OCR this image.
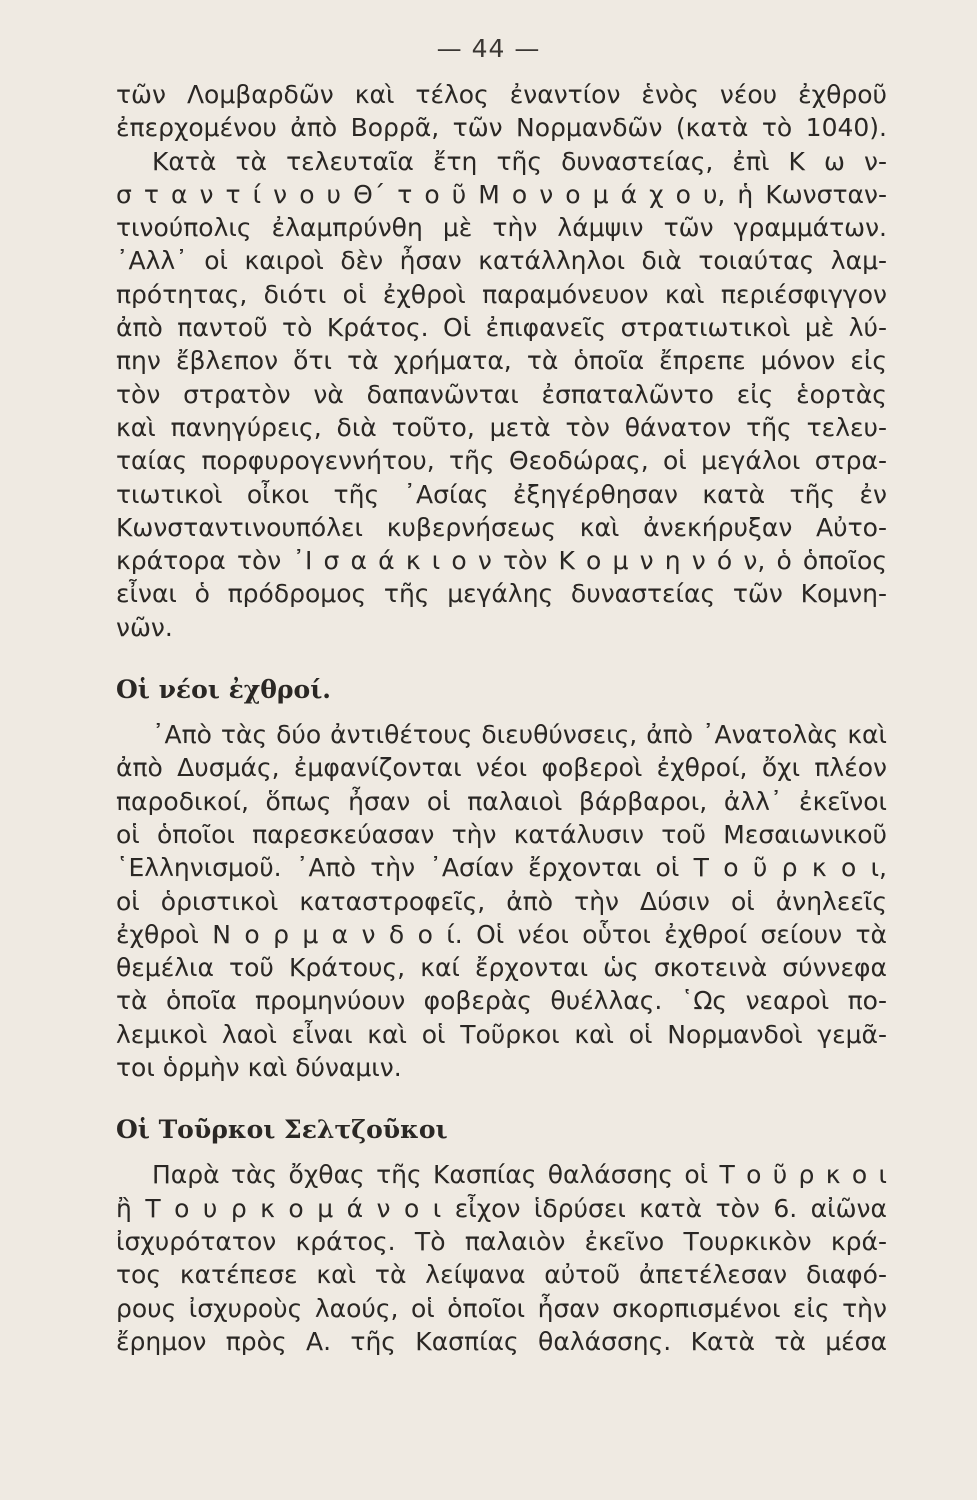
— 44 —
τῶν Λομβαρδῶν καὶ τέλος ἐναντίον ἑνὸς νέου ἐχθροῦ
ἐπερχομένου ἀπὸ Βορρᾶ, τῶν Νορμανδῶν (κατὰ τὸ 1040).
Κατὰ τὰ τελευταῖα ἔτη τῆς δυναστείας, ἐπὶ Κ ω ν-
σ τ α ν τ ί ν ο υ Θ΄ τ ο ῦ Μ ο ν ο μ ά χ ο υ, ἡ Κωνσταν-
τινούπολις ἐλαμπρύνθη μὲ τὴν λάμψιν τῶν γραμμάτων.
᾿Αλλ᾿ οἱ καιροὶ δὲν ἦσαν κατάλληλοι διὰ τοιαύτας λαμ-
πρότητας, διότι οἱ ἐχθροὶ παραμόνευον καὶ περιέσφιγγον
ἀπὸ παντοῦ τὸ Κράτος. Οἱ ἐπιφανεῖς στρατιωτικοὶ μὲ λύ-
πην ἔβλεπον ὅτι τὰ χρήματα, τὰ ὁποῖα ἔπρεπε μόνον εἰς
τὸν στρατὸν νὰ δαπανῶνται ἐσπαταλῶντο εἰς ἑορτὰς
καὶ πανηγύρεις, διὰ τοῦτο, μετὰ τὸν θάνατον τῆς τελευ-
ταίας πορφυρογεννήτου, τῆς Θεοδώρας, οἱ μεγάλοι στρα-
τιωτικοὶ οἶκοι τῆς ᾿Ασίας ἐξηγέρθησαν κατὰ τῆς ἐν
Κωνσταντινουπόλει κυβερνήσεως καὶ ἀνεκήρυξαν Αὐτο-
κράτορα τὸν ᾿Ι σ α ά κ ι ο ν τὸν Κ ο μ ν η ν ό ν, ὁ ὁποῖος
εἶναι ὁ πρόδρομος τῆς μεγάλης δυναστείας τῶν Κομνη-
νῶν.
Οἱ νέοι ἐχθροί.
᾿Απὸ τὰς δύο ἀντιθέτους διευθύνσεις, ἀπὸ ᾿Ανατολὰς καὶ
ἀπὸ Δυσμάς, ἐμφανίζονται νέοι φοβεροὶ ἐχθροί, ὄχι πλέον
παροδικοί, ὅπως ἦσαν οἱ παλαιοὶ βάρβαροι, ἀλλ᾿ ἐκεῖνοι
οἱ ὁποῖοι παρεσκεύασαν τὴν κατάλυσιν τοῦ Μεσαιωνικοῦ
῾Ελληνισμοῦ. ᾿Απὸ τὴν ᾿Ασίαν ἔρχονται οἱ Τ ο ῦ ρ κ ο ι,
οἱ ὁριστικοὶ καταστροφεῖς, ἀπὸ τὴν Δύσιν οἱ ἀνηλεεῖς
ἐχθροὶ Ν ο ρ μ α ν δ ο ί. Οἱ νέοι οὗτοι ἐχθροί σείουν τὰ
θεμέλια τοῦ Κράτους, καί ἔρχονται ὡς σκοτεινὰ σύννεφα
τὰ ὁποῖα προμηνύουν φοβερὰς θυέλλας. ῾Ως νεαροὶ πο-
λεμικοὶ λαοὶ εἶναι καὶ οἱ Τοῦρκοι καὶ οἱ Νορμανδοὶ γεμᾶ-
τοι ὁρμὴν καὶ δύναμιν.
Οἱ Τοῦρκοι Σελτζοῦκοι
Παρὰ τὰς ὄχθας τῆς Κασπίας θαλάσσης οἱ Τ ο ῦ ρ κ ο ι
ἢ Τ ο υ ρ κ ο μ ά ν ο ι εἶχον ἱδρύσει κατὰ τὸν 6. αἰῶνα
ἰσχυρότατον κράτος. Τὸ παλαιὸν ἐκεῖνο Τουρκικὸν κρά-
τος κατέπεσε καὶ τὰ λείψανα αὐτοῦ ἀπετέλεσαν διαφό-
ρους ἰσχυροὺς λαούς, οἱ ὁποῖοι ἦσαν σκορπισμένοι εἰς τὴν
ἔρημον πρὸς Α. τῆς Κασπίας θαλάσσης. Κατὰ τὰ μέσα
